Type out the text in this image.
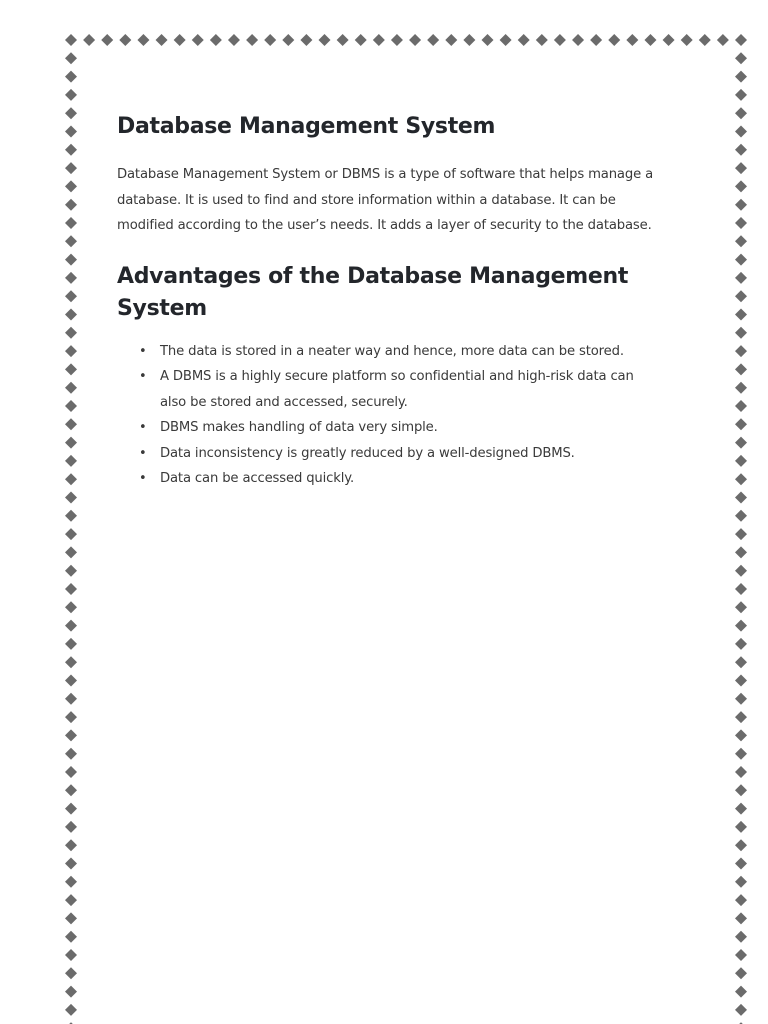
Database Management System

Database Management System or DBMS is a type of software that helps manage a database. It is used to find and store information within a database. It can be modified according to the user’s needs. It adds a layer of security to the database.

Advantages of the Database Management System
• The data is stored in a neater way and hence, more data can be stored.
• A DBMS is a highly secure platform so confidential and high-risk data can also be stored and accessed, securely.
• DBMS makes handling of data very simple.
• Data inconsistency is greatly reduced by a well-designed DBMS.
• Data can be accessed quickly.
